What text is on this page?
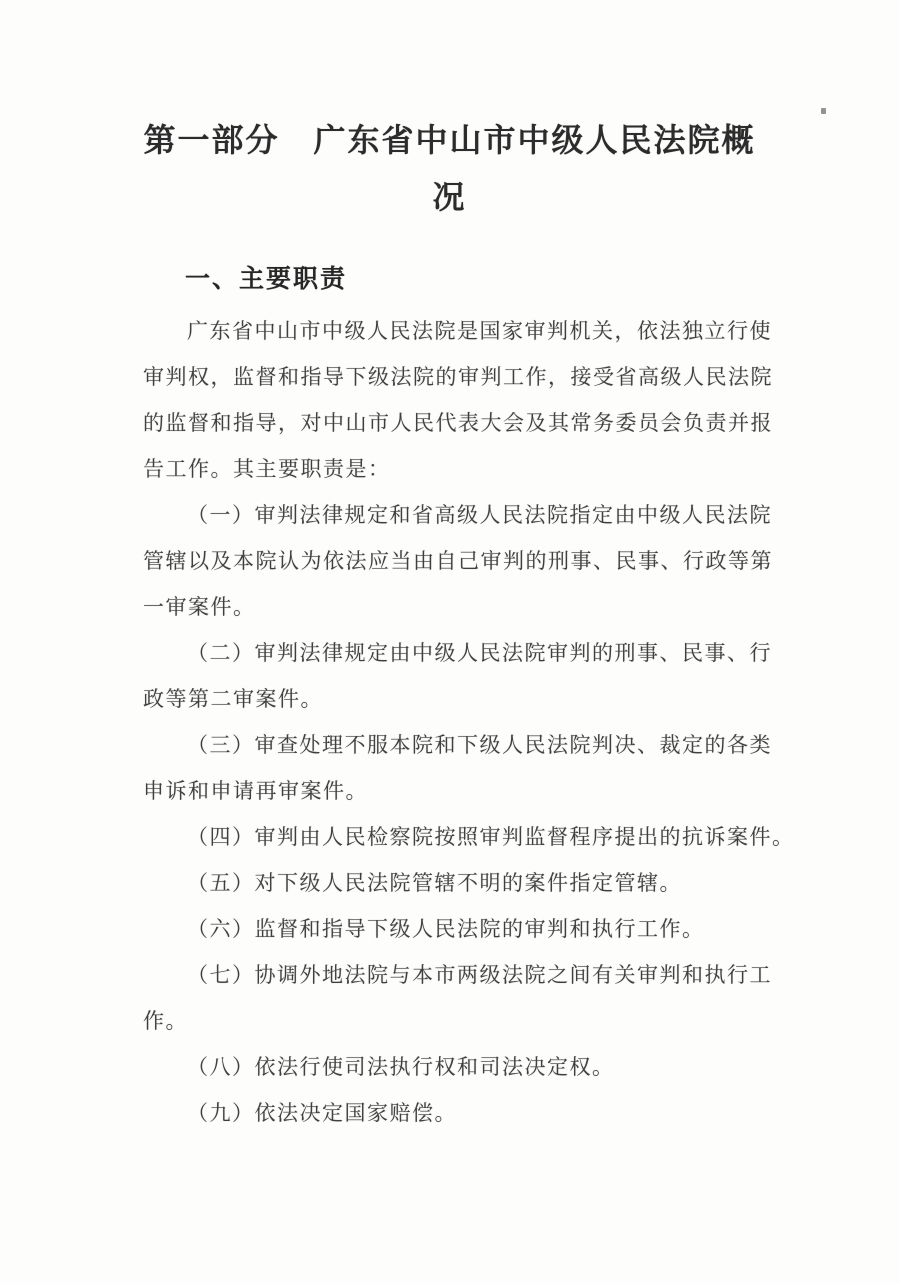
第一部分　广东省中山市中级人民法院概
况
一、主要职责
广东省中山市中级人民法院是国家审判机关，依法独立行使
审判权，监督和指导下级法院的审判工作，接受省高级人民法院
的监督和指导，对中山市人民代表大会及其常务委员会负责并报
告工作。其主要职责是：
（一）审判法律规定和省高级人民法院指定由中级人民法院
管辖以及本院认为依法应当由自己审判的刑事、民事、行政等第
一审案件。
（二）审判法律规定由中级人民法院审判的刑事、民事、行
政等第二审案件。
（三）审查处理不服本院和下级人民法院判决、裁定的各类
申诉和申请再审案件。
（四）审判由人民检察院按照审判监督程序提出的抗诉案件。
（五）对下级人民法院管辖不明的案件指定管辖。
（六）监督和指导下级人民法院的审判和执行工作。
（七）协调外地法院与本市两级法院之间有关审判和执行工
作。
（八）依法行使司法执行权和司法决定权。
（九）依法决定国家赔偿。
